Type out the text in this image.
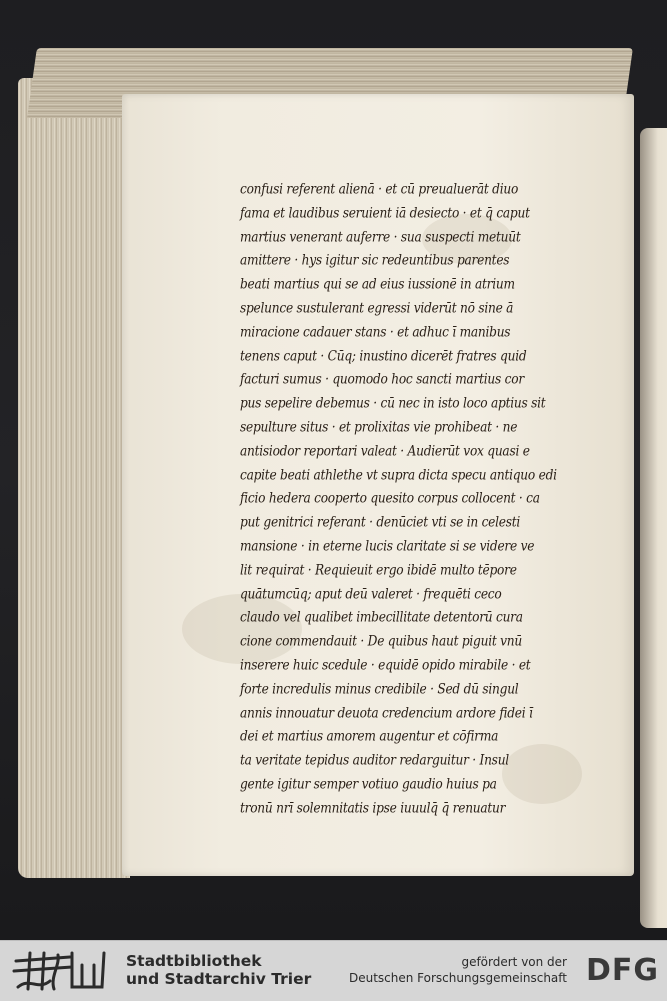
confusi referent alienā · et cū preualuerāt diuo
fama et laudibus seruient iā desiecto · et q̄ caput
martius venerant auferre · sua suspecti metuūt
amittere · hys igitur sic redeuntibus parentes
beati martius qui se ad eius iussionē in atrium
spelunce sustulerant egressi viderūt nō sine ā
miracione cadauer stans · et adhuc ī manibus
tenens caput · Cūq; inustino dicerēt fratres quid
facturi sumus · quomodo hoc sancti martius cor
pus sepelire debemus · cū nec in isto loco aptius sit
sepulture situs · et prolixitas vie prohibeat · ne
antisiodor reportari valeat · Audierūt vox quasi e
capite beati athlethe vt supra dicta specu antiquo edi
ficio hedera cooperto quesito corpus collocent · ca
put genitrici referant · denūciet vti se in celesti
mansione · in eterne lucis claritate si se videre ve
lit requirat · Requieuit ergo ibidē multo tēpore
quātumcūq; aput deū valeret · frequēti ceco
claudo vel qualibet imbecillitate detentorū cura
cione commendauit · De quibus haut piguit vnū
inserere huic scedule · equidē opido mirabile · et
forte incredulis minus credibile · Sed dū singul
annis innouatur deuota credencium ardore fidei ī
dei et martius amorem augentur et cōfirma
ta veritate tepidus auditor redarguitur · Insul
gente igitur semper votiuo gaudio huius pa
tronū nrī solemnitatis ipse iuuulq̄ q̄ renuatur
Stadtbibliothek
und Stadtarchiv Trier
gefördert von der
Deutschen Forschungsgemeinschaft DFG
